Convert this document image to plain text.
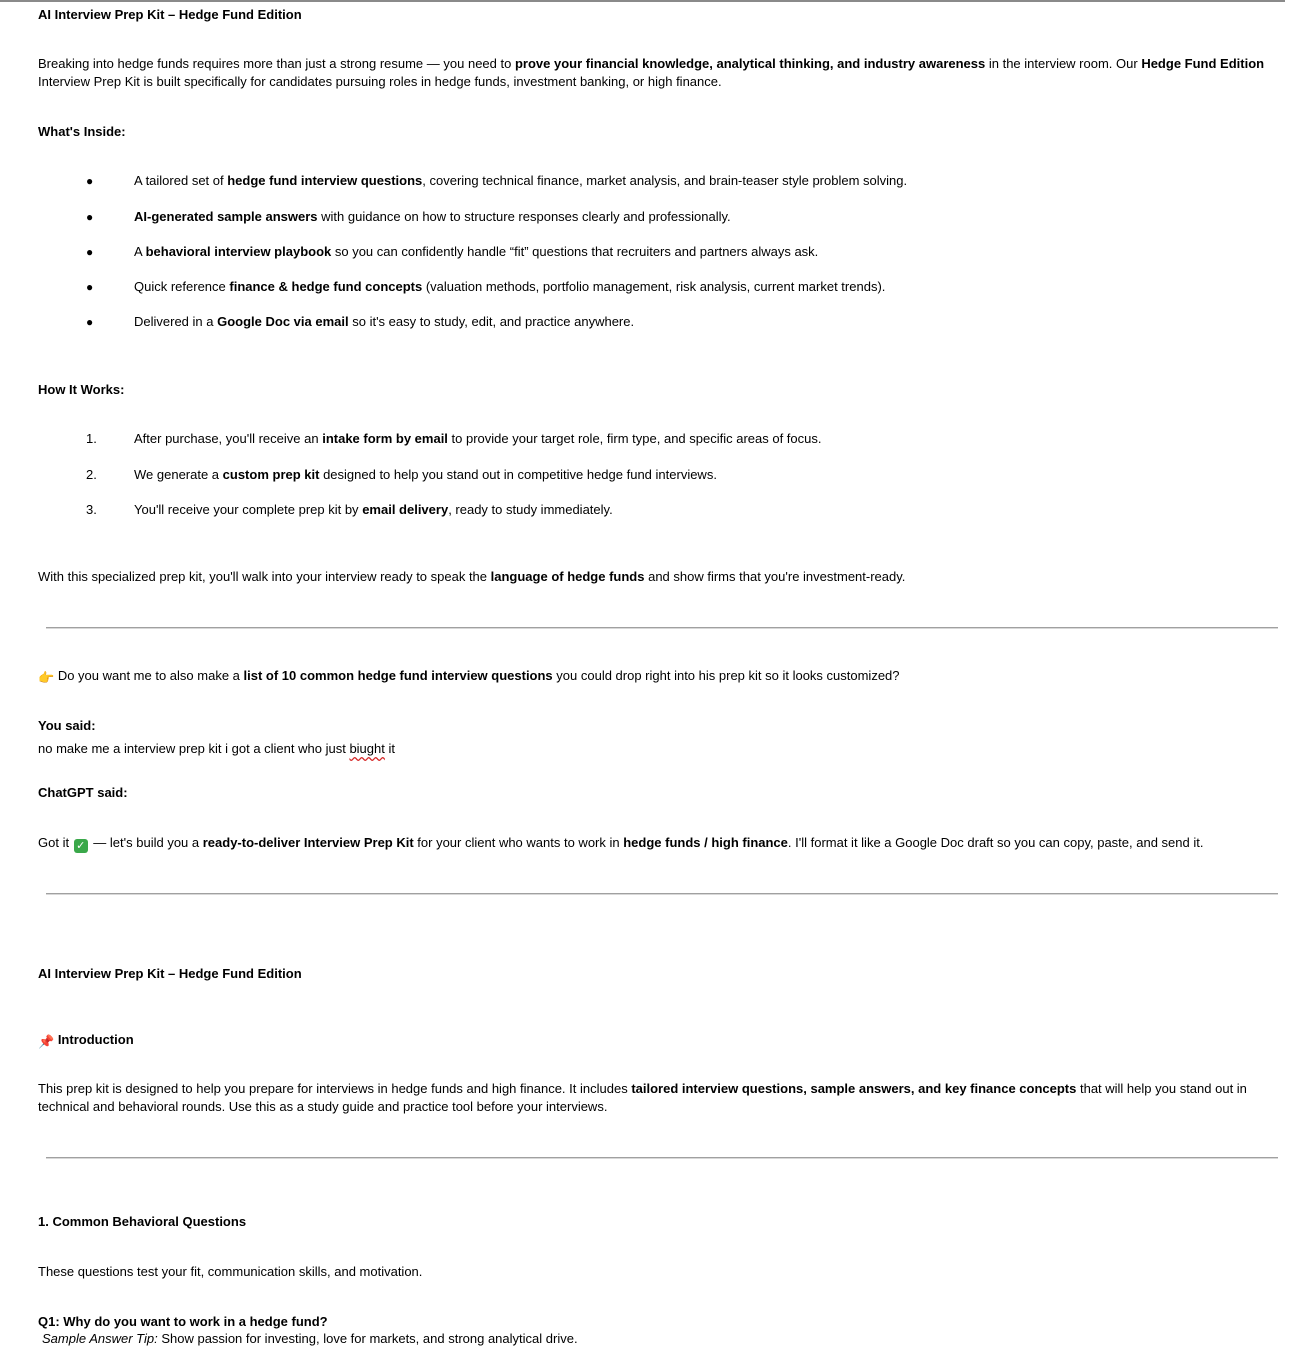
AI Interview Prep Kit – Hedge Fund Edition
Breaking into hedge funds requires more than just a strong resume — you need to prove your financial knowledge, analytical thinking, and industry awareness in the interview room. Our Hedge Fund Edition Interview Prep Kit is built specifically for candidates pursuing roles in hedge funds, investment banking, or high finance.
What's Inside:
●	A tailored set of hedge fund interview questions, covering technical finance, market analysis, and brain-teaser style problem solving.
●	AI-generated sample answers with guidance on how to structure responses clearly and professionally.
●	A behavioral interview playbook so you can confidently handle “fit” questions that recruiters and partners always ask.
●	Quick reference finance & hedge fund concepts (valuation methods, portfolio management, risk analysis, current market trends).
●	Delivered in a Google Doc via email so it's easy to study, edit, and practice anywhere.
How It Works:
1.	After purchase, you'll receive an intake form by email to provide your target role, firm type, and specific areas of focus.
2.	We generate a custom prep kit designed to help you stand out in competitive hedge fund interviews.
3.	You'll receive your complete prep kit by email delivery, ready to study immediately.
With this specialized prep kit, you'll walk into your interview ready to speak the language of hedge funds and show firms that you're investment-ready.
👉 Do you want me to also make a list of 10 common hedge fund interview questions you could drop right into his prep kit so it looks customized?
You said:
no make me a interview prep kit i got a client who just biught it
ChatGPT said:
Got it ✓ — let's build you a ready-to-deliver Interview Prep Kit for your client who wants to work in hedge funds / high finance. I'll format it like a Google Doc draft so you can copy, paste, and send it.
AI Interview Prep Kit – Hedge Fund Edition
📌 Introduction
This prep kit is designed to help you prepare for interviews in hedge funds and high finance. It includes tailored interview questions, sample answers, and key finance concepts that will help you stand out in technical and behavioral rounds. Use this as a study guide and practice tool before your interviews.
1. Common Behavioral Questions
These questions test your fit, communication skills, and motivation.
Q1: Why do you want to work in a hedge fund?
Sample Answer Tip: Show passion for investing, love for markets, and strong analytical drive.
